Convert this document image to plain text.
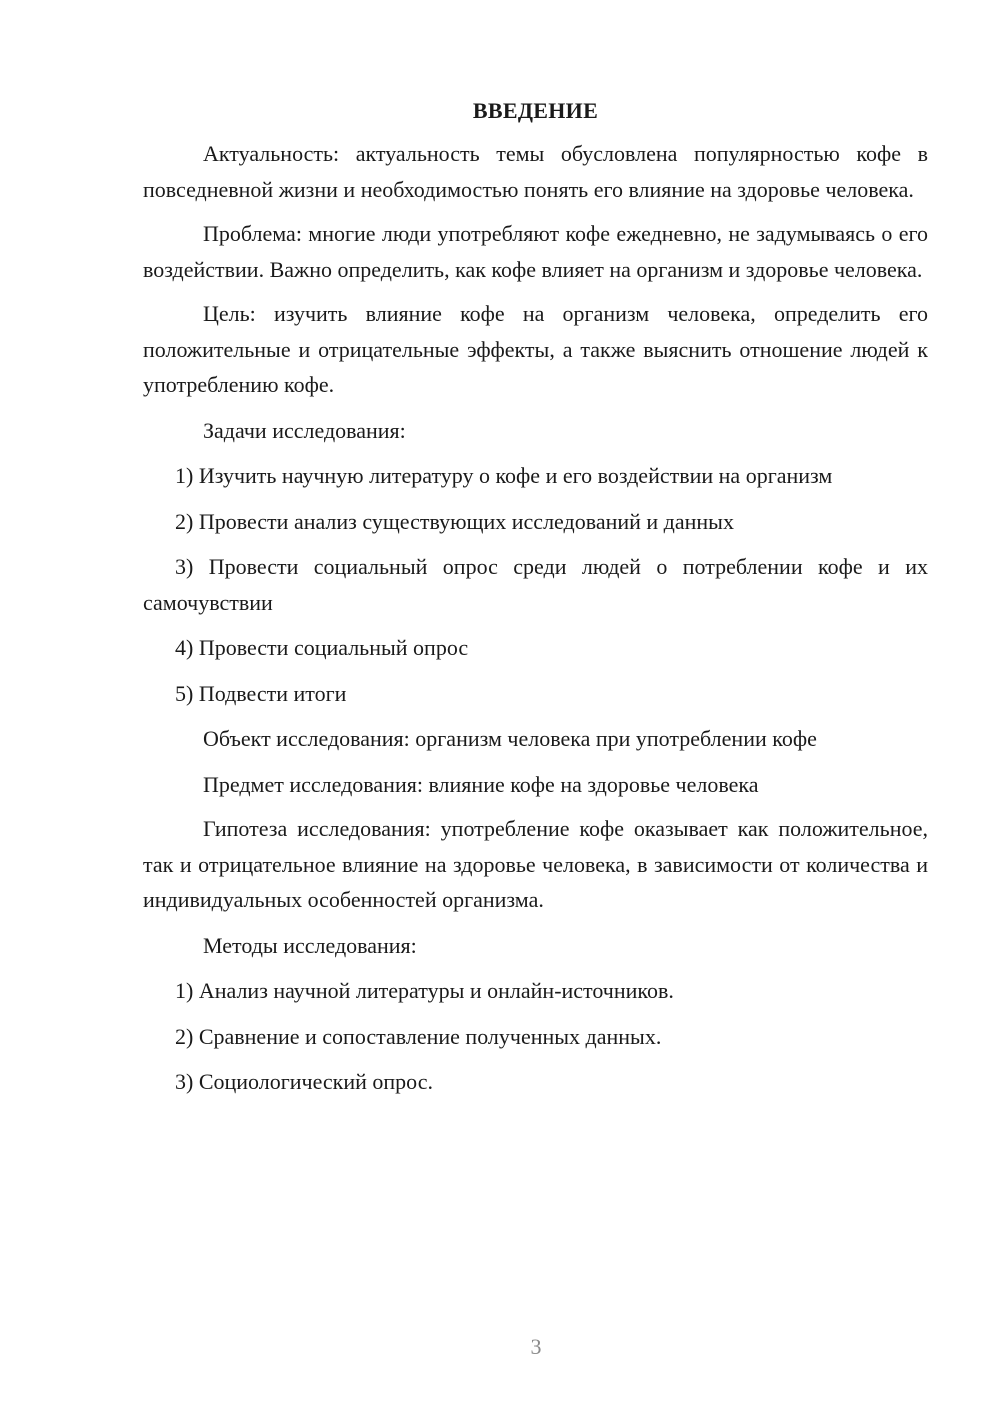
ВВЕДЕНИЕ

Актуальность: актуальность темы обусловлена популярностью кофе в повседневной жизни и необходимостью понять его влияние на здоровье человека.

Проблема: многие люди употребляют кофе ежедневно, не задумываясь о его воздействии. Важно определить, как кофе влияет на организм и здоровье человека.

Цель: изучить влияние кофе на организм человека, определить его положительные и отрицательные эффекты, а также выяснить отношение людей к употреблению кофе.

Задачи исследования:

1) Изучить научную литературу о кофе и его воздействии на организм

2) Провести анализ существующих исследований и данных

3) Провести социальный опрос среди людей о потреблении кофе и их самочувствии

4) Провести социальный опрос

5) Подвести итоги

Объект исследования: организм человека при употреблении кофе

Предмет исследования: влияние кофе на здоровье человека

Гипотеза исследования: употребление кофе оказывает как положительное, так и отрицательное влияние на здоровье человека, в зависимости от количества и индивидуальных особенностей организма.

Методы исследования:

1) Анализ научной литературы и онлайн-источников.

2) Сравнение и сопоставление полученных данных.

3) Социологический опрос.

3
